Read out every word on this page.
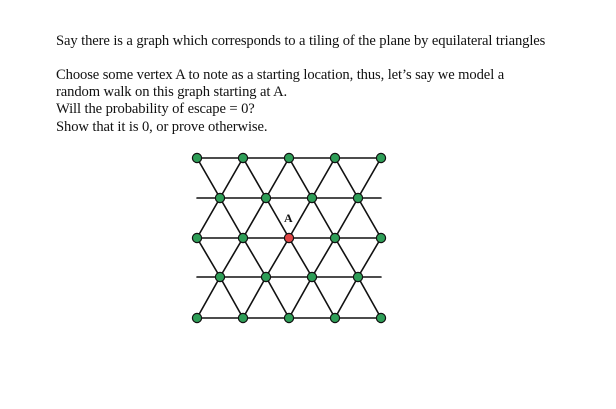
Say there is a graph which corresponds to a tiling of the plane by equilateral triangles
Choose some vertex A to note as a starting location, thus, let’s say we model a
random walk on this graph starting at A.
Will the probability of escape = 0?
Show that it is 0, or prove otherwise.
A
